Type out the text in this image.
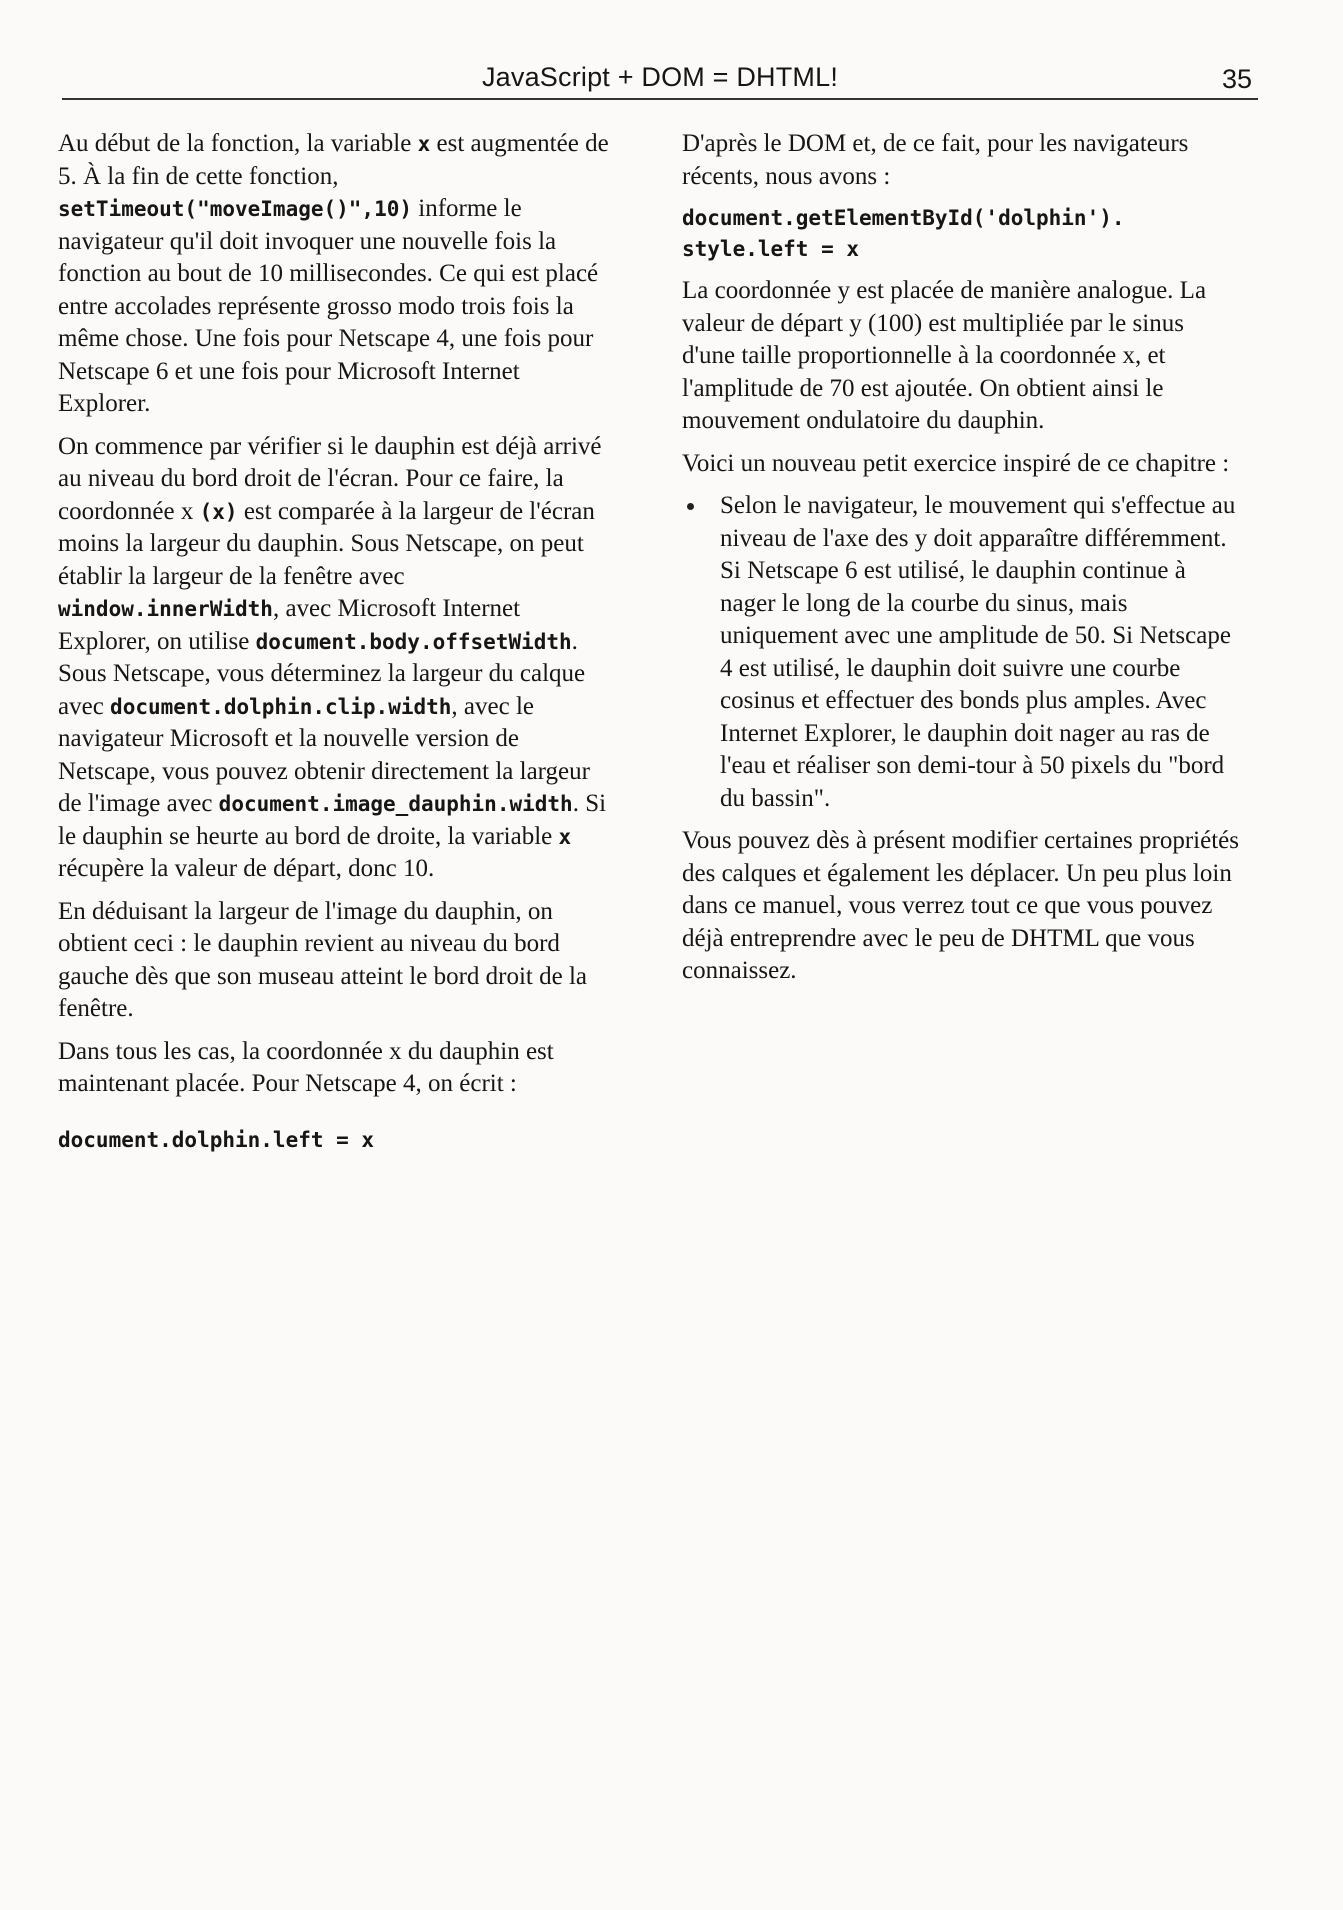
JavaScript + DOM = DHTML!	35

Au début de la fonction, la variable x est augmentée de 5. À la fin de cette fonction, setTimeout("moveImage()",10) informe le navigateur qu'il doit invoquer une nouvelle fois la fonction au bout de 10 millisecondes. Ce qui est placé entre accolades représente grosso modo trois fois la même chose. Une fois pour Netscape 4, une fois pour Netscape 6 et une fois pour Microsoft Internet Explorer.

On commence par vérifier si le dauphin est déjà arrivé au niveau du bord droit de l'écran. Pour ce faire, la coordonnée x (x) est comparée à la largeur de l'écran moins la largeur du dauphin. Sous Netscape, on peut établir la largeur de la fenêtre avec window.innerWidth, avec Microsoft Internet Explorer, on utilise document.body.offsetWidth. Sous Netscape, vous déterminez la largeur du calque avec document.dolphin.clip.width, avec le navigateur Microsoft et la nouvelle version de Netscape, vous pouvez obtenir directement la largeur de l'image avec document.image_dauphin.width. Si le dauphin se heurte au bord de droite, la variable x récupère la valeur de départ, donc 10.

En déduisant la largeur de l'image du dauphin, on obtient ceci : le dauphin revient au niveau du bord gauche dès que son museau atteint le bord droit de la fenêtre.

Dans tous les cas, la coordonnée x du dauphin est maintenant placée. Pour Netscape 4, on écrit :

document.dolphin.left = x

D'après le DOM et, de ce fait, pour les navigateurs récents, nous avons :

document.getElementById('dolphin').
style.left = x

La coordonnée y est placée de manière analogue. La valeur de départ y (100) est multipliée par le sinus d'une taille proportionnelle à la coordonnée x, et l'amplitude de 70 est ajoutée. On obtient ainsi le mouvement ondulatoire du dauphin.

Voici un nouveau petit exercice inspiré de ce chapitre :

Selon le navigateur, le mouvement qui s'effectue au niveau de l'axe des y doit apparaître différemment. Si Netscape 6 est utilisé, le dauphin continue à nager le long de la courbe du sinus, mais uniquement avec une amplitude de 50. Si Netscape 4 est utilisé, le dauphin doit suivre une courbe cosinus et effectuer des bonds plus amples. Avec Internet Explorer, le dauphin doit nager au ras de l'eau et réaliser son demi-tour à 50 pixels du "bord du bassin".

Vous pouvez dès à présent modifier certaines propriétés des calques et également les déplacer. Un peu plus loin dans ce manuel, vous verrez tout ce que vous pouvez déjà entreprendre avec le peu de DHTML que vous connaissez.
